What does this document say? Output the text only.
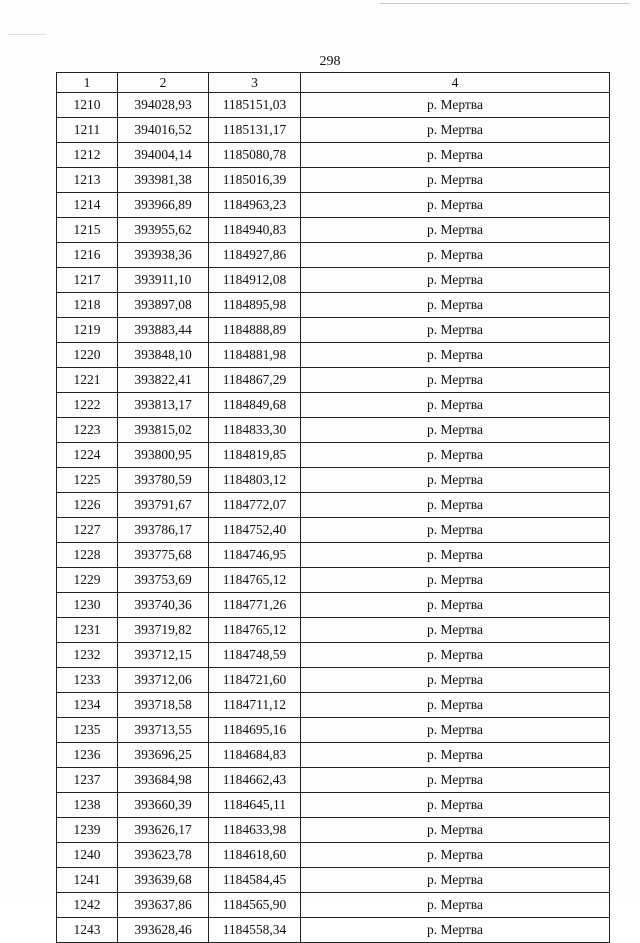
298
1	2	3	4
1210	394028,93	1185151,03	р. Мертва
1211	394016,52	1185131,17	р. Мертва
1212	394004,14	1185080,78	р. Мертва
1213	393981,38	1185016,39	р. Мертва
1214	393966,89	1184963,23	р. Мертва
1215	393955,62	1184940,83	р. Мертва
1216	393938,36	1184927,86	р. Мертва
1217	393911,10	1184912,08	р. Мертва
1218	393897,08	1184895,98	р. Мертва
1219	393883,44	1184888,89	р. Мертва
1220	393848,10	1184881,98	р. Мертва
1221	393822,41	1184867,29	р. Мертва
1222	393813,17	1184849,68	р. Мертва
1223	393815,02	1184833,30	р. Мертва
1224	393800,95	1184819,85	р. Мертва
1225	393780,59	1184803,12	р. Мертва
1226	393791,67	1184772,07	р. Мертва
1227	393786,17	1184752,40	р. Мертва
1228	393775,68	1184746,95	р. Мертва
1229	393753,69	1184765,12	р. Мертва
1230	393740,36	1184771,26	р. Мертва
1231	393719,82	1184765,12	р. Мертва
1232	393712,15	1184748,59	р. Мертва
1233	393712,06	1184721,60	р. Мертва
1234	393718,58	1184711,12	р. Мертва
1235	393713,55	1184695,16	р. Мертва
1236	393696,25	1184684,83	р. Мертва
1237	393684,98	1184662,43	р. Мертва
1238	393660,39	1184645,11	р. Мертва
1239	393626,17	1184633,98	р. Мертва
1240	393623,78	1184618,60	р. Мертва
1241	393639,68	1184584,45	р. Мертва
1242	393637,86	1184565,90	р. Мертва
1243	393628,46	1184558,34	р. Мертва
